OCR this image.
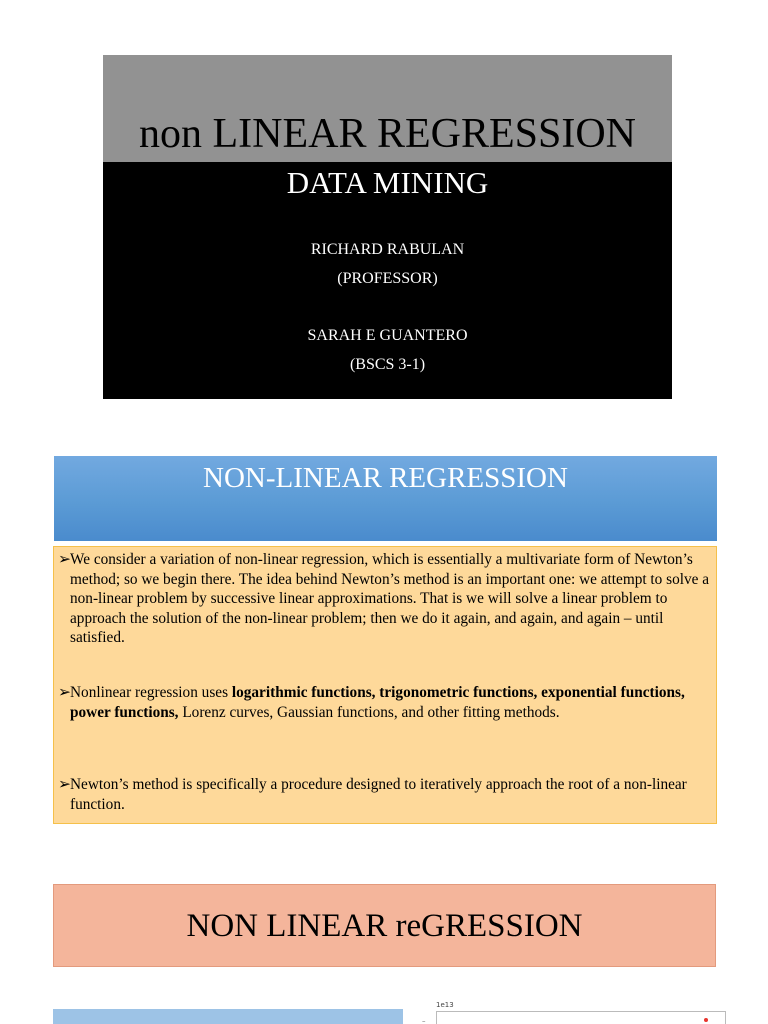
non LINEAR REGRESSION
DATA MINING
RICHARD RABULAN
(PROFESSOR)
SARAH E GUANTERO
(BSCS 3-1)
NON-LINEAR REGRESSION
➢ We consider a variation of non-linear regression, which is essentially a multivariate form of Newton’s method; so we begin there. The idea behind Newton’s method is an important one: we attempt to solve a non-linear problem by successive linear approximations. That is we will solve a linear problem to approach the solution of the non-linear problem; then we do it again, and again, and again – until satisfied.
➢ Nonlinear regression uses logarithmic functions, trigonometric functions, exponential functions, power functions, Lorenz curves, Gaussian functions, and other fitting methods.
➢ Newton’s method is specifically a procedure designed to iteratively approach the root of a non-linear function.
NON LINEAR reGRESSION
1e13
–
